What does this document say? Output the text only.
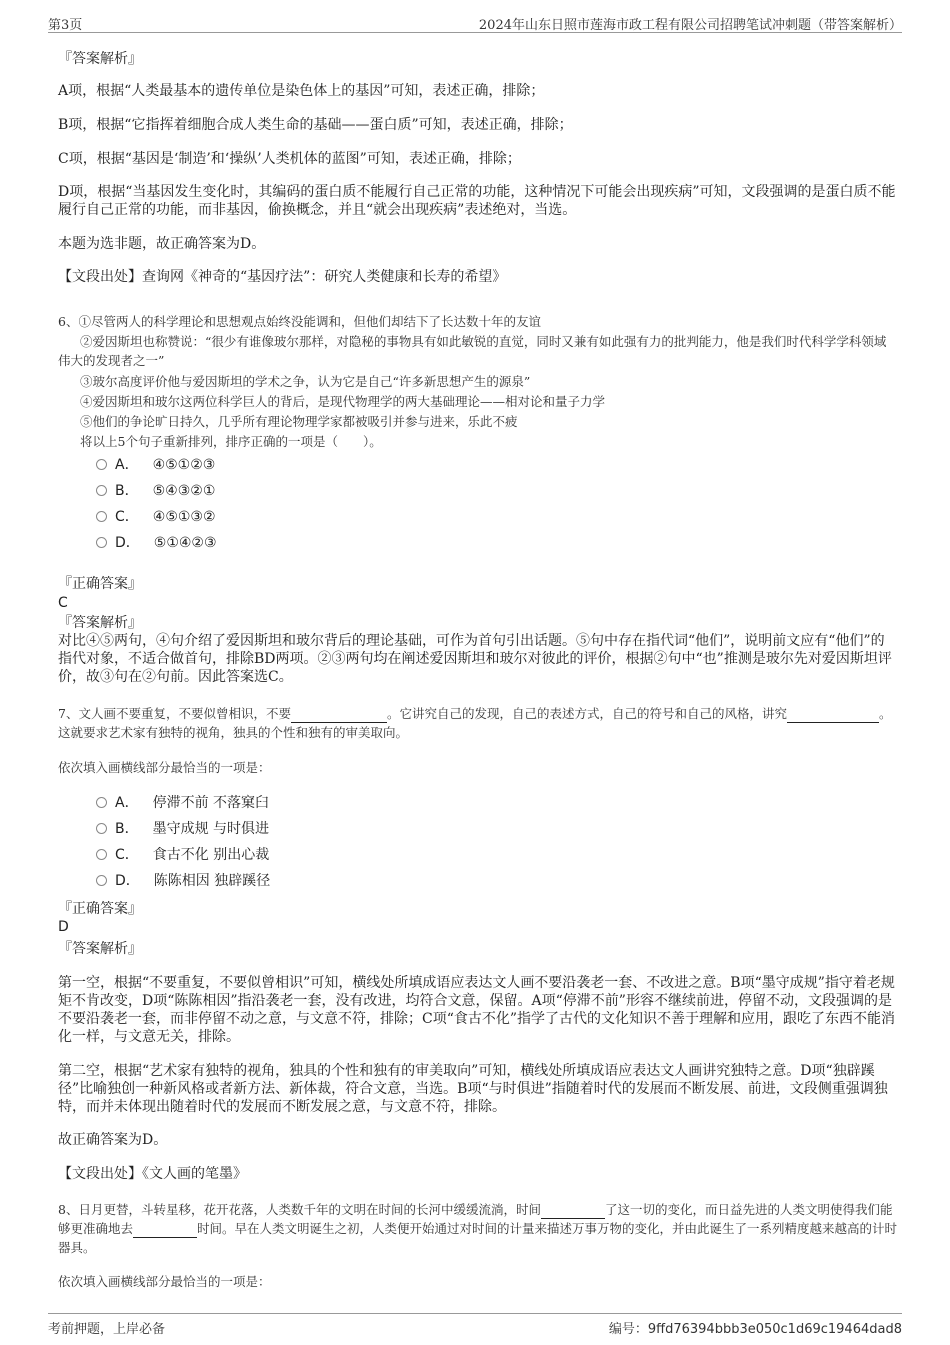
第3页	2024年山东日照市莲海市政工程有限公司招聘笔试冲刺题（带答案解析）
『答案解析』
A项，根据“人类最基本的遗传单位是染色体上的基因”可知，表述正确，排除；
B项，根据“它指挥着细胞合成人类生命的基础——蛋白质”可知，表述正确，排除；
C项，根据“基因是‘制造’和‘操纵’人类机体的蓝图”可知，表述正确，排除；
D项，根据“当基因发生变化时，其编码的蛋白质不能履行自己正常的功能，这种情况下可能会出现疾病”可知，文段强调的是蛋白质不能履行自己正常的功能，而非基因，偷换概念，并且“就会出现疾病”表述绝对，当选。
本题为选非题，故正确答案为D。
【文段出处】查询网《神奇的“基因疗法”：研究人类健康和长寿的希望》
6、①尽管两人的科学理论和思想观点始终没能调和，但他们却结下了长达数十年的友谊
②爱因斯坦也称赞说：“很少有谁像玻尔那样，对隐秘的事物具有如此敏锐的直觉，同时又兼有如此强有力的批判能力，他是我们时代科学学科领域伟大的发现者之一”
③玻尔高度评价他与爱因斯坦的学术之争，认为它是自己“许多新思想产生的源泉”
④爱因斯坦和玻尔这两位科学巨人的背后，是现代物理学的两大基础理论——相对论和量子力学
⑤他们的争论旷日持久，几乎所有理论物理学家都被吸引并参与进来，乐此不疲
将以上5个句子重新排列，排序正确的一项是（　　）。
A． ④⑤①②③
B． ⑤④③②①
C． ④⑤①③②
D． ⑤①④②③
『正确答案』
C
『答案解析』
对比④⑤两句，④句介绍了爱因斯坦和玻尔背后的理论基础，可作为首句引出话题。⑤句中存在指代词“他们”，说明前文应有“他们”的指代对象，不适合做首句，排除BD两项。②③两句均在阐述爱因斯坦和玻尔对彼此的评价，根据②句中“也”推测是玻尔先对爱因斯坦评价，故③句在②句前。因此答案选C。
7、文人画不要重复，不要似曾相识，不要	。它讲究自己的发现，自己的表述方式，自己的符号和自己的风格，讲究	。这就要求艺术家有独特的视角，独具的个性和独有的审美取向。
依次填入画横线部分最恰当的一项是：
A． 停滞不前 不落窠臼
B． 墨守成规 与时俱进
C． 食古不化 别出心裁
D． 陈陈相因 独辟蹊径
『正确答案』
D
『答案解析』
第一空，根据“不要重复，不要似曾相识”可知，横线处所填成语应表达文人画不要沿袭老一套、不改进之意。B项“墨守成规”指守着老规矩不肯改变，D项“陈陈相因”指沿袭老一套，没有改进，均符合文意，保留。A项“停滞不前”形容不继续前进，停留不动，文段强调的是不要沿袭老一套，而非停留不动之意，与文意不符，排除；C项“食古不化”指学了古代的文化知识不善于理解和应用，跟吃了东西不能消化一样，与文意无关，排除。
第二空，根据“艺术家有独特的视角，独具的个性和独有的审美取向”可知，横线处所填成语应表达文人画讲究独特之意。D项“独辟蹊径”比喻独创一种新风格或者新方法、新体裁，符合文意，当选。B项“与时俱进”指随着时代的发展而不断发展、前进，文段侧重强调独特，而并未体现出随着时代的发展而不断发展之意，与文意不符，排除。
故正确答案为D。
【文段出处】《文人画的笔墨》
8、日月更替，斗转星移，花开花落，人类数千年的文明在时间的长河中缓缓流淌，时间	了这一切的变化，而日益先进的人类文明使得我们能够更准确地去	时间。早在人类文明诞生之初，人类便开始通过对时间的计量来描述万事万物的变化，并由此诞生了一系列精度越来越高的计时器具。
依次填入画横线部分最恰当的一项是：
考前押题，上岸必备	编号：9ffd76394bbb3e050c1d69c19464dad8
